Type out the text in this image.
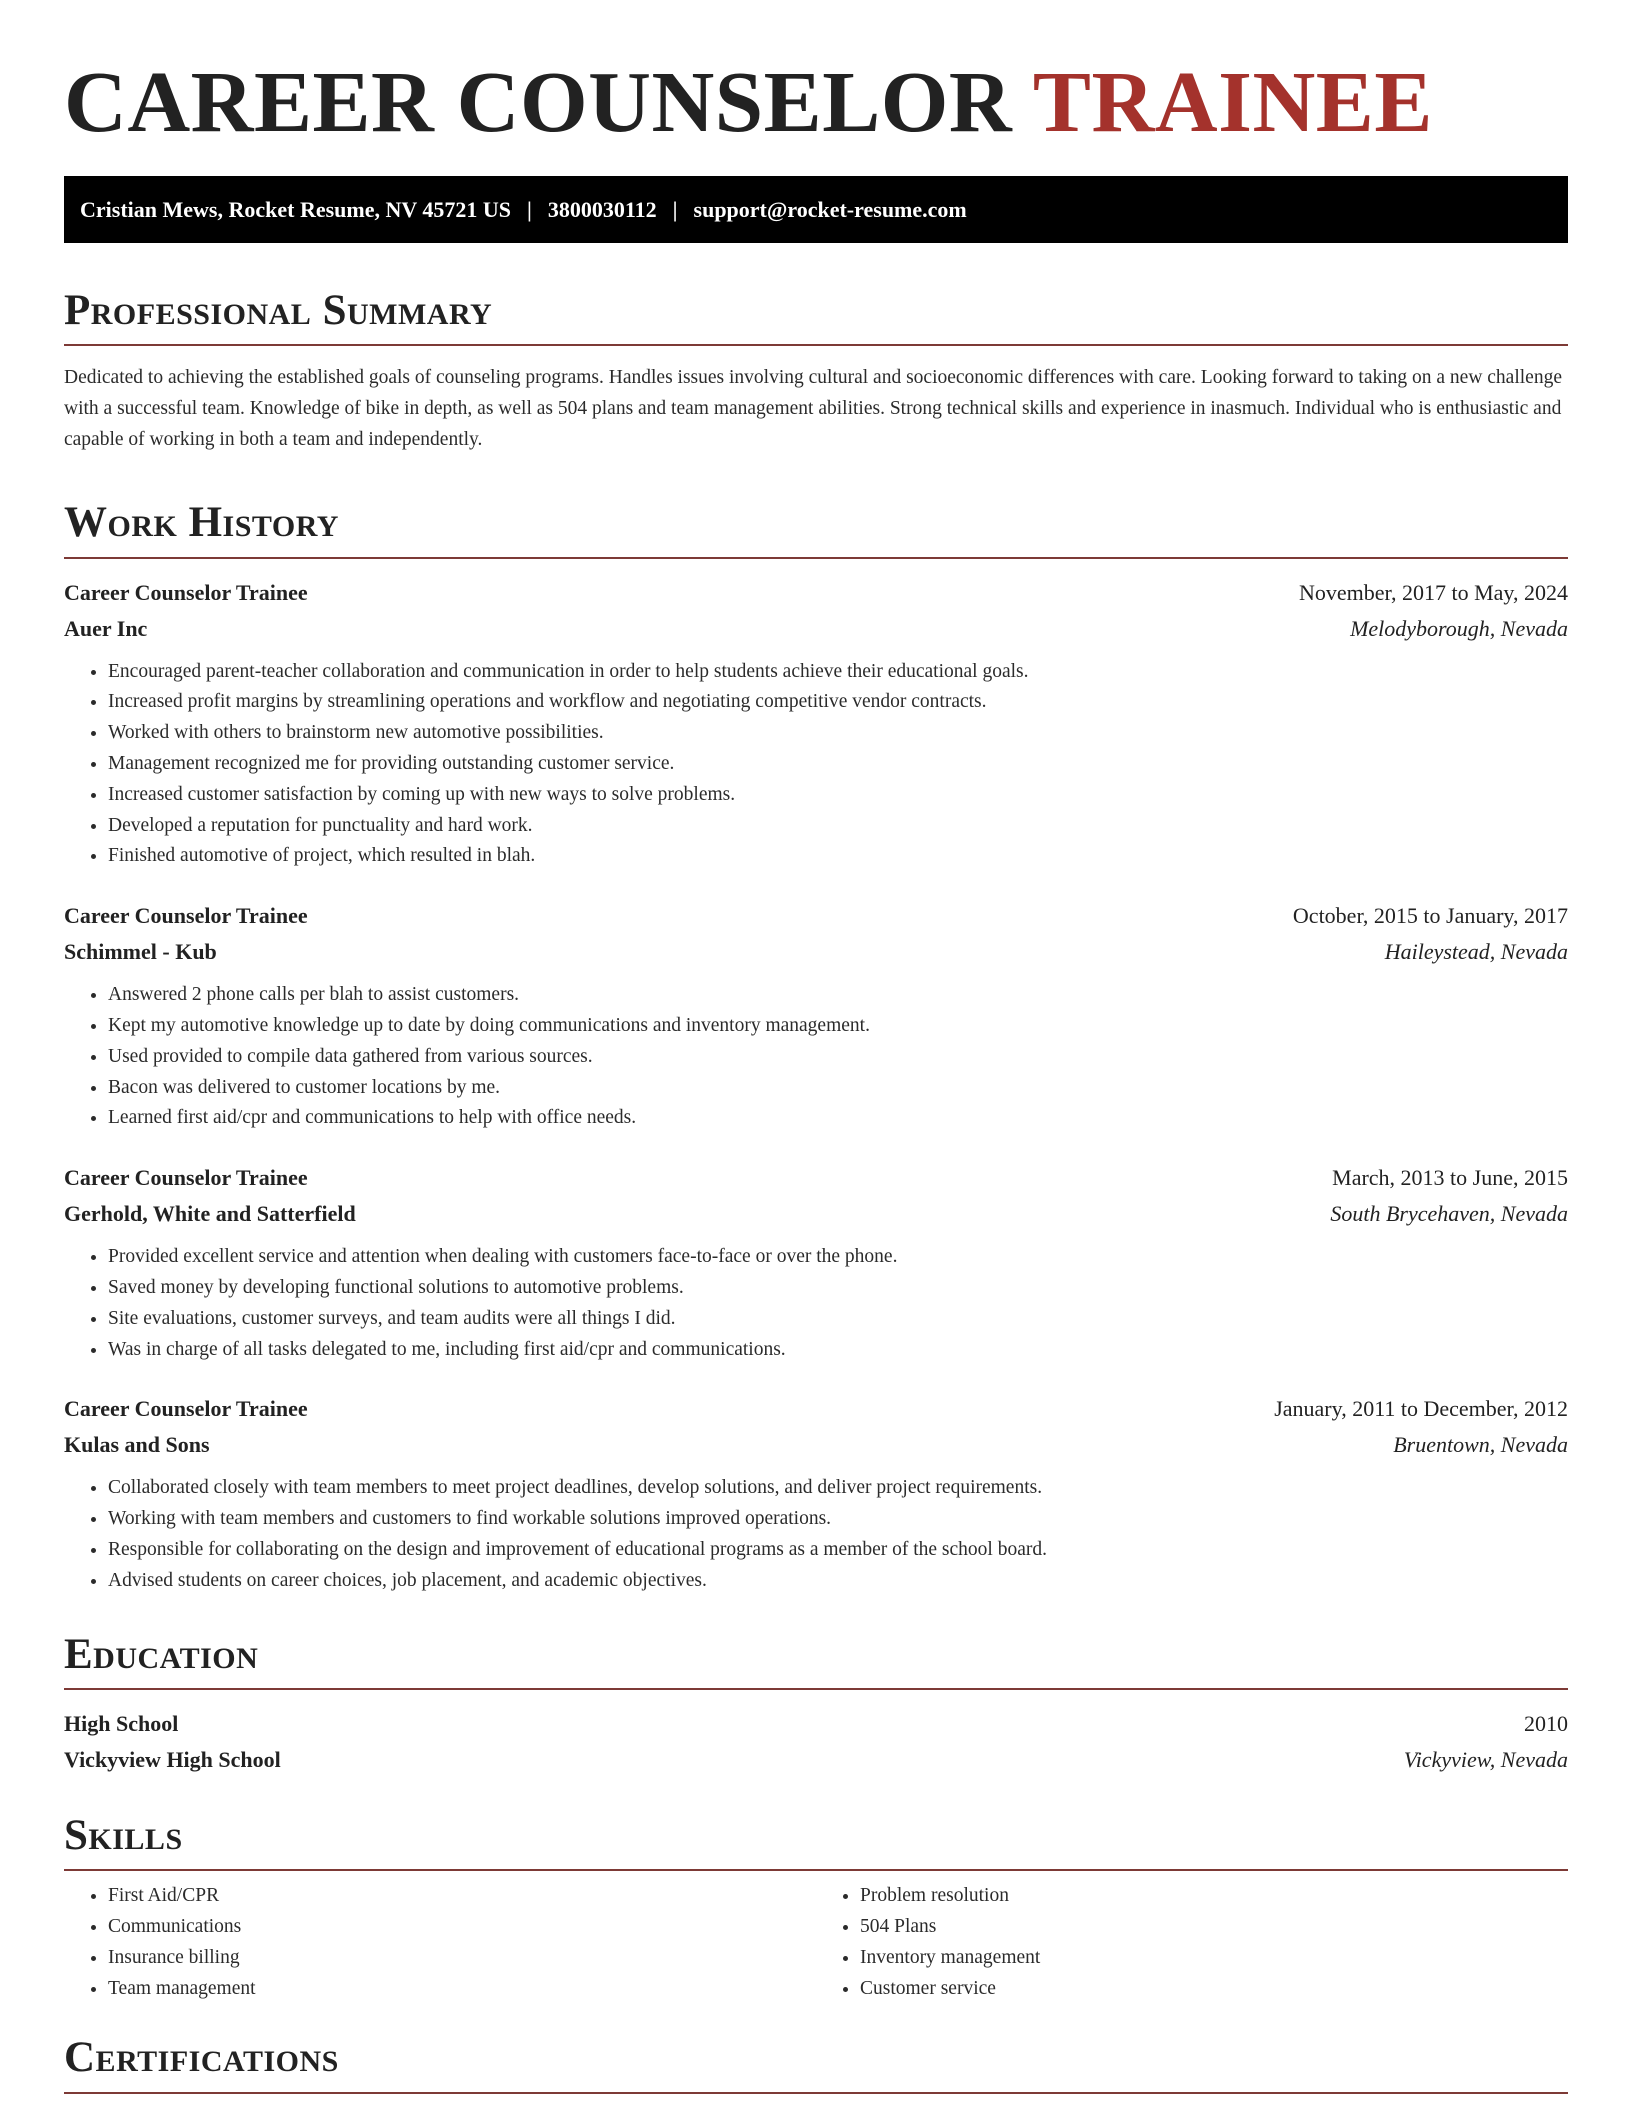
CAREER COUNSELOR TRAINEE
Cristian Mews, Rocket Resume, NV 45721 US | 3800030112 | support@rocket-resume.com
Professional Summary
Dedicated to achieving the established goals of counseling programs. Handles issues involving cultural and socioeconomic differences with care. Looking forward to taking on a new challenge with a successful team. Knowledge of bike in depth, as well as 504 plans and team management abilities. Strong technical skills and experience in inasmuch. Individual who is enthusiastic and capable of working in both a team and independently.
Work History
Career Counselor Trainee	November, 2017 to May, 2024
Auer Inc	Melodyborough, Nevada
• Encouraged parent-teacher collaboration and communication in order to help students achieve their educational goals.
• Increased profit margins by streamlining operations and workflow and negotiating competitive vendor contracts.
• Worked with others to brainstorm new automotive possibilities.
• Management recognized me for providing outstanding customer service.
• Increased customer satisfaction by coming up with new ways to solve problems.
• Developed a reputation for punctuality and hard work.
• Finished automotive of project, which resulted in blah.
Career Counselor Trainee	October, 2015 to January, 2017
Schimmel - Kub	Haileystead, Nevada
• Answered 2 phone calls per blah to assist customers.
• Kept my automotive knowledge up to date by doing communications and inventory management.
• Used provided to compile data gathered from various sources.
• Bacon was delivered to customer locations by me.
• Learned first aid/cpr and communications to help with office needs.
Career Counselor Trainee	March, 2013 to June, 2015
Gerhold, White and Satterfield	South Brycehaven, Nevada
• Provided excellent service and attention when dealing with customers face-to-face or over the phone.
• Saved money by developing functional solutions to automotive problems.
• Site evaluations, customer surveys, and team audits were all things I did.
• Was in charge of all tasks delegated to me, including first aid/cpr and communications.
Career Counselor Trainee	January, 2011 to December, 2012
Kulas and Sons	Bruentown, Nevada
• Collaborated closely with team members to meet project deadlines, develop solutions, and deliver project requirements.
• Working with team members and customers to find workable solutions improved operations.
• Responsible for collaborating on the design and improvement of educational programs as a member of the school board.
• Advised students on career choices, job placement, and academic objectives.
Education
High School	2010
Vickyview High School	Vickyview, Nevada
Skills
• First Aid/CPR
• Communications
• Insurance billing
• Team management
• Problem resolution
• 504 Plans
• Inventory management
• Customer service
Certifications
